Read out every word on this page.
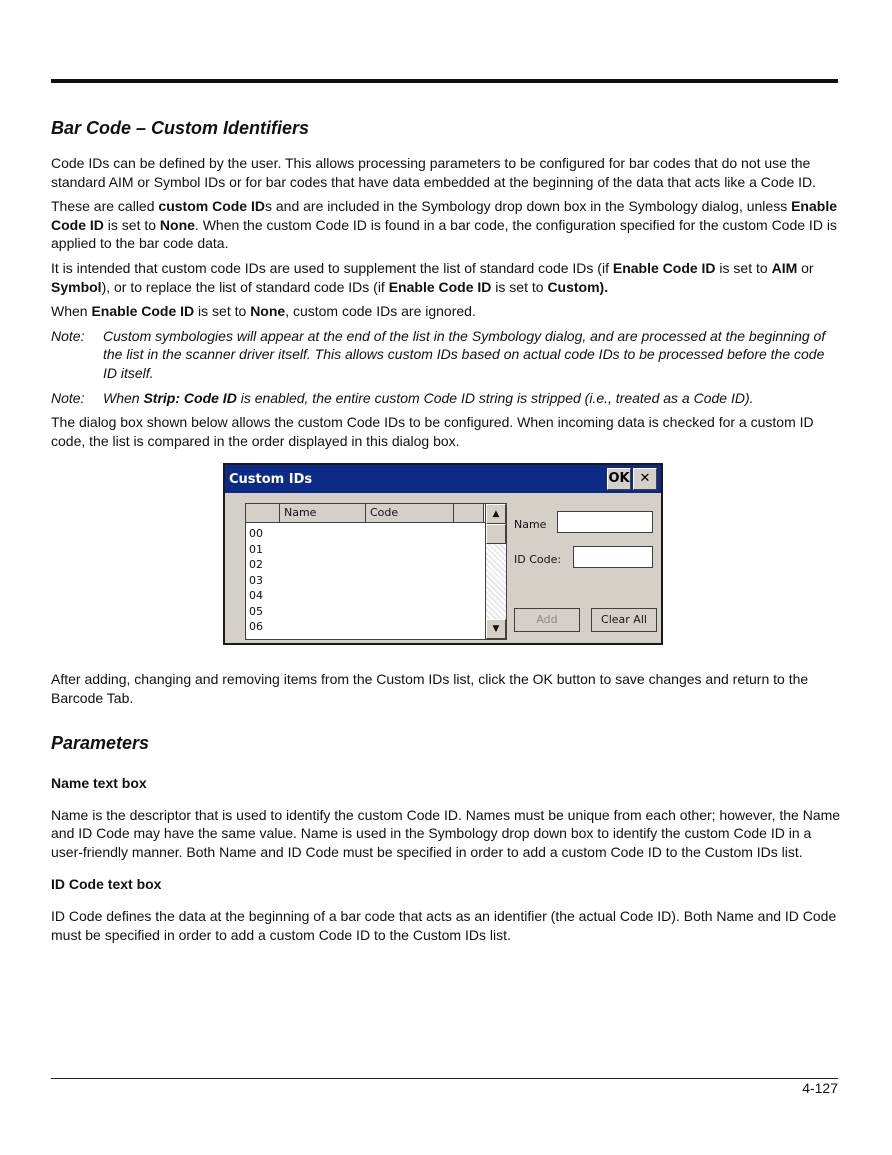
Bar Code – Custom Identifiers

Code IDs can be defined by the user. This allows processing parameters to be configured for bar codes that do not use the standard AIM or Symbol IDs or for bar codes that have data embedded at the beginning of the data that acts like a Code ID.

These are called custom Code IDs and are included in the Symbology drop down box in the Symbology dialog, unless Enable Code ID is set to None. When the custom Code ID is found in a bar code, the configuration specified for the custom Code ID is applied to the bar code data.

It is intended that custom code IDs are used to supplement the list of standard code IDs (if Enable Code ID is set to AIM or Symbol), or to replace the list of standard code IDs (if Enable Code ID is set to Custom).

When Enable Code ID is set to None, custom code IDs are ignored.

Note:	Custom symbologies will appear at the end of the list in the Symbology dialog, and are processed at the beginning of the list in the scanner driver itself. This allows custom IDs based on actual code IDs to be processed before the code ID itself.
Note:	When Strip: Code ID is enabled, the entire custom Code ID string is stripped (i.e., treated as a Code ID).

The dialog box shown below allows the custom Code IDs to be configured. When incoming data is checked for a custom ID code, the list is compared in the order displayed in this dialog box.

Custom IDs	OK ✕
Name	Code
00
01
02
03
04
05
06
▲
▼
Name
ID Code:
Add	Clear All

After adding, changing and removing items from the Custom IDs list, click the OK button to save changes and return to the Barcode Tab.

Parameters
Name text box

Name is the descriptor that is used to identify the custom Code ID. Names must be unique from each other; however, the Name and ID Code may have the same value. Name is used in the Symbology drop down box to identify the custom Code ID in a user-friendly manner. Both Name and ID Code must be specified in order to add a custom Code ID to the Custom IDs list.

ID Code text box

ID Code defines the data at the beginning of a bar code that acts as an identifier (the actual Code ID). Both Name and ID Code must be specified in order to add a custom Code ID to the Custom IDs list.

4-127
